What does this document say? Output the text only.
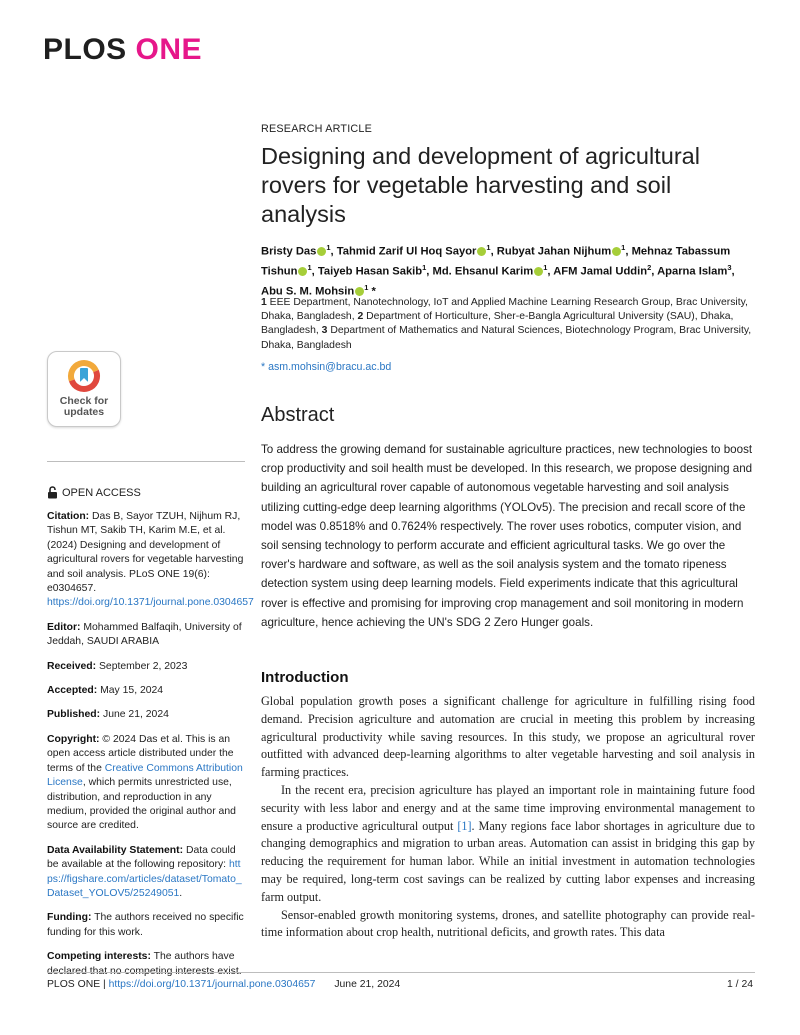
PLOS ONE
Check for
updates
OPEN ACCESS

Citation: Das B, Sayor TZUH, Nijhum RJ, Tishun MT, Sakib TH, Karim M.E, et al. (2024) Designing and development of agricultural rovers for vegetable harvesting and soil analysis. PLoS ONE 19(6): e0304657. https://doi.org/10.1371/journal.pone.0304657

Editor: Mohammed Balfaqih, University of Jeddah, SAUDI ARABIA

Received: September 2, 2023

Accepted: May 15, 2024

Published: June 21, 2024

Copyright: © 2024 Das et al. This is an open access article distributed under the terms of the Creative Commons Attribution License, which permits unrestricted use, distribution, and reproduction in any medium, provided the original author and source are credited.

Data Availability Statement: Data could be available at the following repository: https://figshare.com/articles/dataset/Tomato_Dataset_YOLOV5/25249051.

Funding: The authors received no specific funding for this work.

Competing interests: The authors have

RESEARCH ARTICLE
Designing and development of agricultural rovers for vegetable harvesting and soil analysis
Bristy Das $^1$, Tahmid Zarif Ul Hoq Sayor $^1$, Rubyat Jahan Nijhum $^1$, Mehnaz Tabassum Tishun $^1$, Taiyeb Hasan Sakib$^1$, Md. Ehsanul Karim $^1$, AFM Jamal Uddin$^2$, Aparna Islam$^3$, Abu S. M. Mohsin $^1$ *
1 EEE Department, Nanotechnology, IoT and Applied Machine Learning Research Group, Brac University, Dhaka, Bangladesh, 2 Department of Horticulture, Sher-e-Bangla Agricultural University (SAU), Dhaka, Bangladesh, 3 Department of Mathematics and Natural Sciences, Biotechnology Program, Brac University, Dhaka, Bangladesh
* asm.mohsin@bracu.ac.bd
Abstract
To address the growing demand for sustainable agriculture practices, new technologies to boost crop productivity and soil health must be developed. In this research, we propose designing and building an agricultural rover capable of autonomous vegetable harvesting and soil analysis utilizing cutting-edge deep learning algorithms (YOLOv5). The precision and recall score of the model was 0.8518% and 0.7624% respectively. The rover uses robotics, computer vision, and soil sensing technology to perform accurate and efficient agricultural tasks. We go over the rover's hardware and software, as well as the soil analysis system and the tomato ripeness detection system using deep learning models. Field experiments indicate that this agricultural rover is effective and promising for improving crop management and soil monitoring in modern agriculture, hence achieving the UN's SDG 2 Zero Hunger goals.
Introduction

Global population growth poses a significant challenge for agriculture in fulfilling rising food demand. Precision agriculture and automation are crucial in meeting this problem by increasing agricultural productivity while saving resources. In this study, we propose an agricultural rover outfitted with advanced deep-learning algorithms to alter vegetable harvesting and soil analysis in farming practices.

In the recent era, precision agriculture has played an important role in maintaining future food security with less labor and energy and at the same time improving environmental management to ensure a productive agricultural output [1]. Many regions face labor shortages in agriculture due to changing demographics and migration to urban areas. Automation can assist in bridging this gap by reducing the requirement for human labor. While an initial investment in automation technologies may be required, long-term cost savings can be realized by cutting labor expenses and increasing farm output.

Sensor-enabled growth monitoring systems, drones, and satellite photography can provide real-time information about crop health, nutritional deficits, and growth rates. This data

PLOS ONE | https://doi.org/10.1371/journal.pone.0304657 June 21, 2024	1 / 24
